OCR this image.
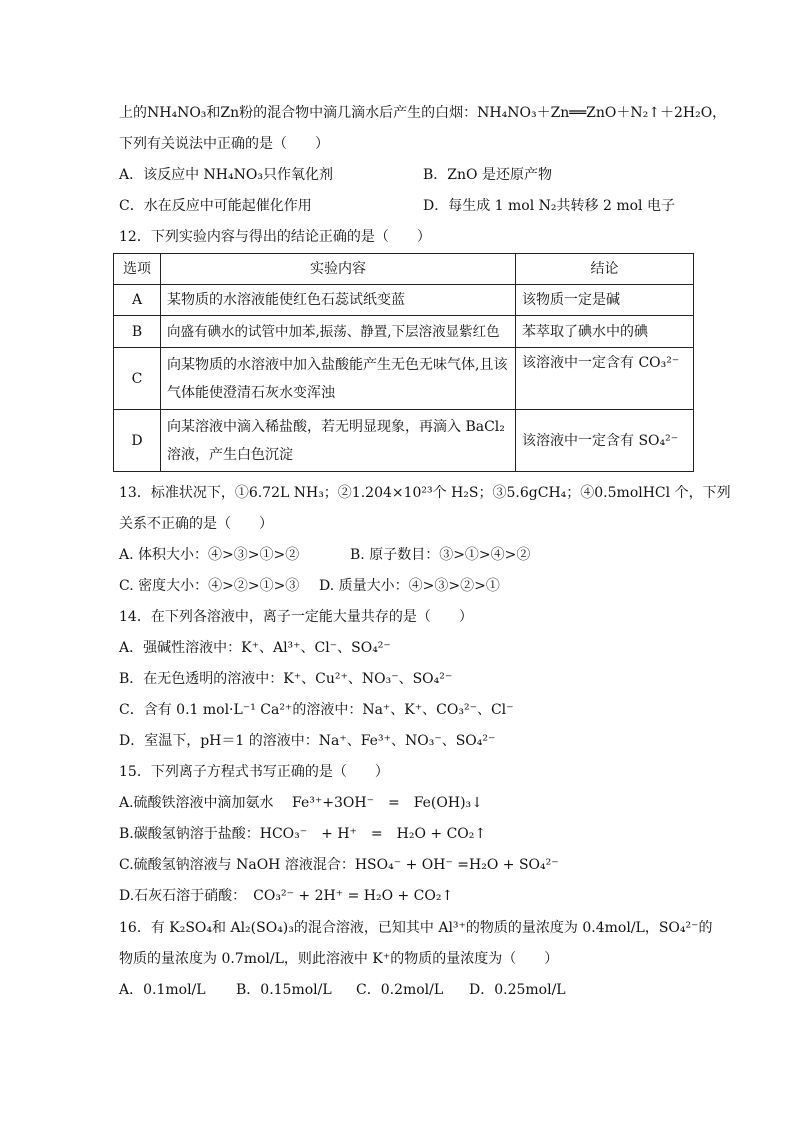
上的NH₄NO₃和Zn粉的混合物中滴几滴水后产生的白烟：NH₄NO₃＋Zn══ZnO＋N₂↑＋2H₂O，
下列有关说法中正确的是（　　）
A．该反应中 NH₄NO₃只作氧化剂	B．ZnO 是还原产物
C．水在反应中可能起催化作用	D．每生成 1 mol N₂共转移 2 mol 电子
12．下列实验内容与得出的结论正确的是（　　）
选项	实验内容	结论
A	某物质的水溶液能使红色石蕊试纸变蓝	该物质一定是碱
B	向盛有碘水的试管中加苯,振荡、静置,下层溶液显紫红色	苯萃取了碘水中的碘
C	向某物质的水溶液中加入盐酸能产生无色无味气体,且该气体能使澄清石灰水变浑浊	该溶液中一定含有 CO₃²⁻
D	向某溶液中滴入稀盐酸，若无明显现象，再滴入 BaCl₂溶液，产生白色沉淀	该溶液中一定含有 SO₄²⁻
13．标准状况下，①6.72L NH₃；②1.204×10²³个 H₂S；③5.6gCH₄；④0.5molHCl 个，下列
关系不正确的是（　　）
A. 体积大小：④>③>①>②	B. 原子数目：③>①>④>②
C. 密度大小：④>②>①>③ D. 质量大小：④>③>②>①
14．在下列各溶液中，离子一定能大量共存的是（　　）
A．强碱性溶液中：K⁺、Al³⁺、Cl⁻、SO₄²⁻
B．在无色透明的溶液中：K⁺、Cu²⁺、NO₃⁻、SO₄²⁻
C．含有 0.1 mol·L⁻¹ Ca²⁺的溶液中：Na⁺、K⁺、CO₃²⁻、Cl⁻
D．室温下，pH＝1 的溶液中：Na⁺、Fe³⁺、NO₃⁻、SO₄²⁻
15．下列离子方程式书写正确的是（　　）
A.硫酸铁溶液中滴加氨水　 Fe³⁺+3OH⁻　=　Fe(OH)₃↓
B.碳酸氢钠溶于盐酸：HCO₃⁻　+ H⁺　=　H₂O + CO₂↑
C.硫酸氢钠溶液与 NaOH 溶液混合：HSO₄⁻ + OH⁻ =H₂O + SO₄²⁻
D.石灰石溶于硝酸：　CO₃²⁻ + 2H⁺ = H₂O + CO₂↑
16．有 K₂SO₄和 Al₂(SO₄)₃的混合溶液，已知其中 Al³⁺的物质的量浓度为 0.4mol/L，SO₄²⁻的
物质的量浓度为 0.7mol/L，则此溶液中 K⁺的物质的量浓度为（　　）
A．0.1mol/L B．0.15mol/L C．0.2mol/L D．0.25mol/L
